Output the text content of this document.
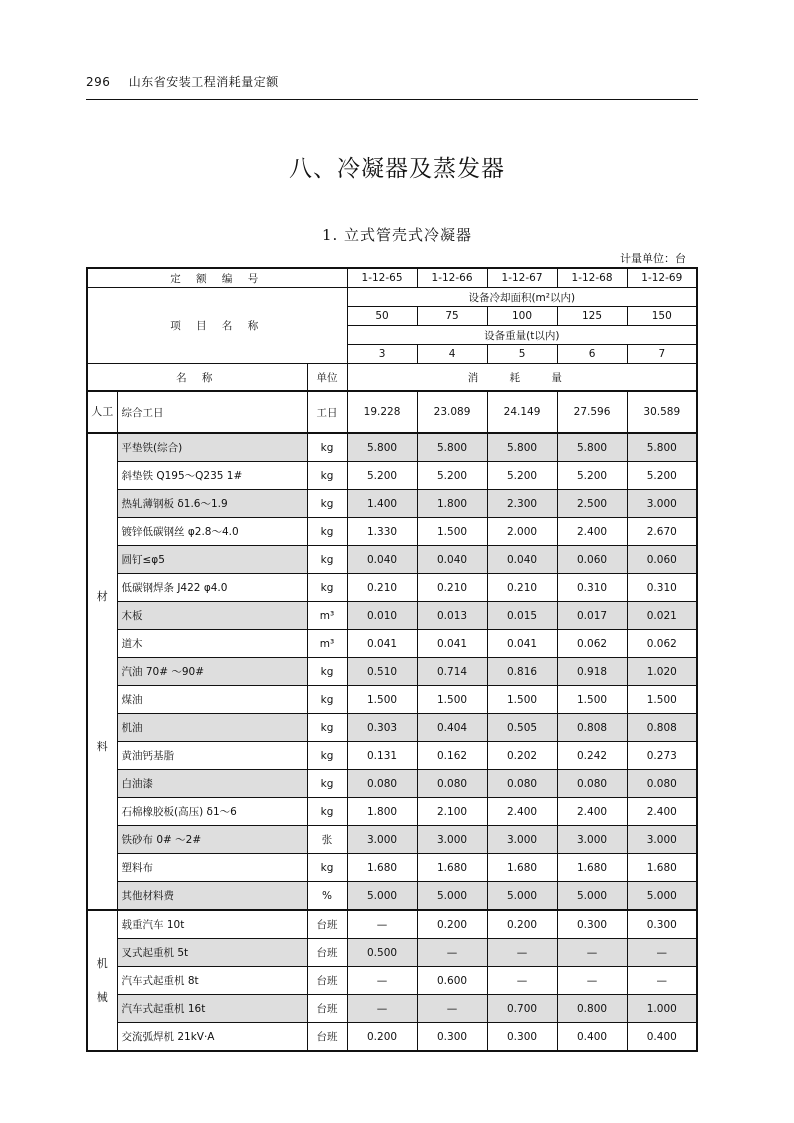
296 山东省安装工程消耗量定额
八、冷凝器及蒸发器
1. 立式管壳式冷凝器
计量单位：台
定 额 编 号			1-12-65	1-12-66	1-12-67	1-12-68	1-12-69
项 目 名 称			设备冷却面积(m²以内)				
			50	75	100	125	150
			设备重量(t以内)				
			3	4	5	6	7
名 称		单位	消 耗 量				

人工	综合工日	工日	19.228	23.089	24.149	27.596	30.589

材
料	平垫铁(综合)	kg	5.800	5.800	5.800	5.800	5.800
	斜垫铁 Q195～Q235 1#	kg	5.200	5.200	5.200	5.200	5.200
	热轧薄钢板 δ1.6～1.9	kg	1.400	1.800	2.300	2.500	3.000
	镀锌低碳钢丝 φ2.8～4.0	kg	1.330	1.500	2.000	2.400	2.670
	圆钉≤φ5	kg	0.040	0.040	0.040	0.060	0.060
	低碳钢焊条 J422 φ4.0	kg	0.210	0.210	0.210	0.310	0.310
	木板	m³	0.010	0.013	0.015	0.017	0.021
	道木	m³	0.041	0.041	0.041	0.062	0.062
	汽油 70# ～90#	kg	0.510	0.714	0.816	0.918	1.020
	煤油	kg	1.500	1.500	1.500	1.500	1.500
	机油	kg	0.303	0.404	0.505	0.808	0.808
	黄油钙基脂	kg	0.131	0.162	0.202	0.242	0.273
	白油漆	kg	0.080	0.080	0.080	0.080	0.080
	石棉橡胶板(高压) δ1～6	kg	1.800	2.100	2.400	2.400	2.400
	铁砂布 0# ～2#	张	3.000	3.000	3.000	3.000	3.000
	塑料布	kg	1.680	1.680	1.680	1.680	1.680
	其他材料费	%	5.000	5.000	5.000	5.000	5.000

机
械	载重汽车 10t	台班	—	0.200	0.200	0.300	0.300
	叉式起重机 5t	台班	0.500	—	—	—	—
	汽车式起重机 8t	台班	—	0.600	—	—	—
	汽车式起重机 16t	台班	—	—	0.700	0.800	1.000
	交流弧焊机 21kV·A	台班	0.200	0.300	0.300	0.400	0.400
